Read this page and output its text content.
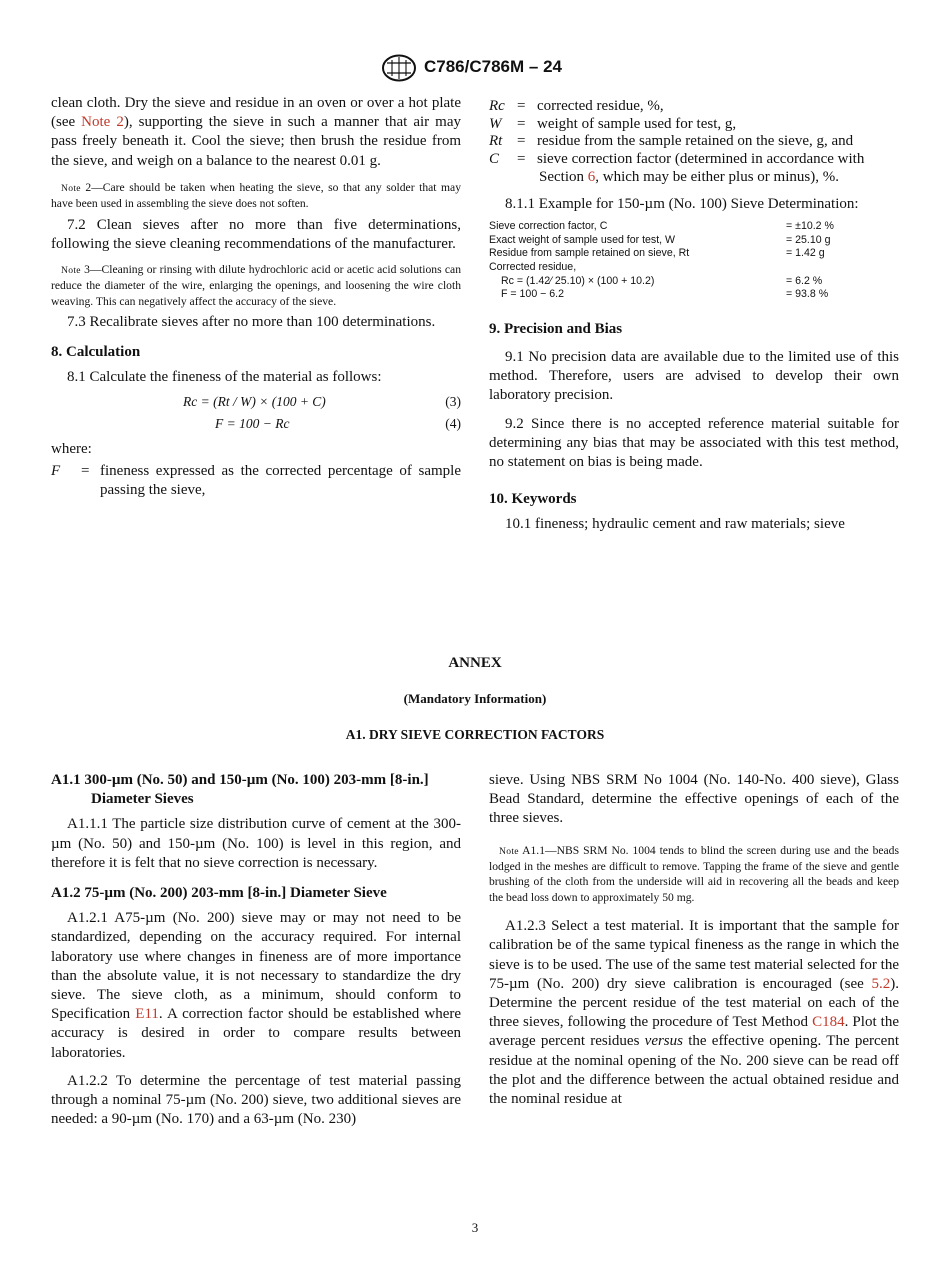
C786/C786M – 24

clean cloth. Dry the sieve and residue in an oven or over a hot plate (see Note 2), supporting the sieve in such a manner that air may pass freely beneath it. Cool the sieve; then brush the residue from the sieve, and weigh on a balance to the nearest 0.01 g.

Note 2—Care should be taken when heating the sieve, so that any solder that may have been used in assembling the sieve does not soften.

7.2 Clean sieves after no more than five determinations, following the sieve cleaning recommendations of the manufacturer.

Note 3—Cleaning or rinsing with dilute hydrochloric acid or acetic acid solutions can reduce the diameter of the wire, enlarging the openings, and loosening the wire cloth weaving. This can negatively affect the accuracy of the sieve.

7.3 Recalibrate sieves after no more than 100 determinations.

8. Calculation

8.1 Calculate the fineness of the material as follows:

Rc = (Rt / W) × (100 + C)	(3)
F = 100 − Rc	(4)

where:

F	= fineness expressed as the corrected percentage of sample passing the sieve,
Rc = corrected residue, %,
W	= weight of sample used for test, g,
Rt = residue from the sample retained on the sieve, g, and
C	= sieve correction factor (determined in accordance with
Section 6, which may be either plus or minus), %.

8.1.1 Example for 150-µm (No. 100) Sieve Determination:

Sieve correction factor, C	= ±10.2 %
Exact weight of sample used for test, W	= 25.10 g
Residue from sample retained on sieve, Rt	= 1.42 g
Corrected residue,	
Rc = (1.42⁄ 25.10) × (100 + 10.2)	= 6.2 %
F = 100 − 6.2	= 93.8 %

9. Precision and Bias

9.1 No precision data are available due to the limited use of this method. Therefore, users are advised to develop their own laboratory precision.

9.2 Since there is no accepted reference material suitable for determining any bias that may be associated with this test method, no statement on bias is being made.

10. Keywords

10.1 fineness; hydraulic cement and raw materials; sieve

ANNEX
(Mandatory Information)
A1. DRY SIEVE CORRECTION FACTORS

A1.1 300-µm (No. 50) and 150-µm (No. 100) 203-mm [8-in.] Diameter Sieves

A1.1.1 The particle size distribution curve of cement at the 300-µm (No. 50) and 150-µm (No. 100) is level in this region, and therefore it is felt that no sieve correction is necessary.

A1.2 75-µm (No. 200) 203-mm [8-in.] Diameter Sieve

A1.2.1 A75-µm (No. 200) sieve may or may not need to be standardized, depending on the accuracy required. For internal laboratory use where changes in fineness are of more importance than the absolute value, it is not necessary to standardize the dry sieve. The sieve cloth, as a minimum, should conform to Specification E11. A correction factor should be established where accuracy is desired in order to compare results between laboratories.

A1.2.2 To determine the percentage of test material passing through a nominal 75-µm (No. 200) sieve, two additional sieves are needed: a 90-µm (No. 170) and a 63-µm (No. 230)

sieve. Using NBS SRM No 1004 (No. 140-No. 400 sieve), Glass Bead Standard, determine the effective openings of each of the three sieves.

Note A1.1—NBS SRM No. 1004 tends to blind the screen during use and the beads lodged in the meshes are difficult to remove. Tapping the frame of the sieve and gentle brushing of the cloth from the underside will aid in recovering all the beads and keep the bead loss down to approximately 50 mg.

A1.2.3 Select a test material. It is important that the sample for calibration be of the same typical fineness as the range in which the sieve is to be used. The use of the same test material selected for the 75-µm (No. 200) dry sieve calibration is encouraged (see 5.2). Determine the percent residue of the test material on each of the three sieves, following the procedure of Test Method C184. Plot the average percent residues versus the effective opening. The percent residue at the nominal opening of the No. 200 sieve can be read off the plot and the difference between the actual obtained residue and the nominal residue at

3
